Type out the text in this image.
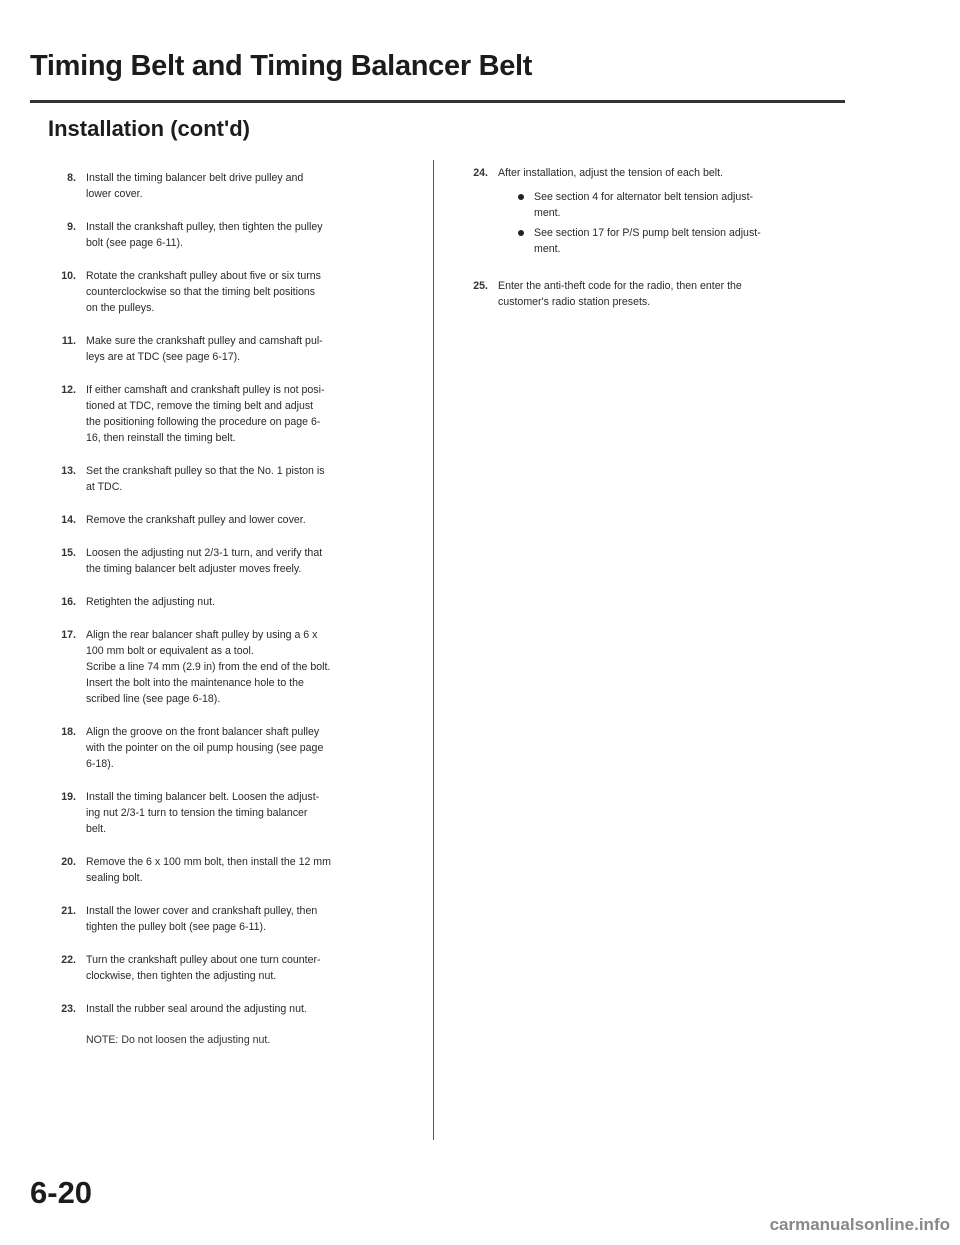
Timing Belt and Timing Balancer Belt
Installation (cont'd)
8. Install the timing balancer belt drive pulley and
lower cover.
9. Install the crankshaft pulley, then tighten the pulley
bolt (see page 6-11).
10. Rotate the crankshaft pulley about five or six turns
counterclockwise so that the timing belt positions
on the pulleys.
11. Make sure the crankshaft pulley and camshaft pul-
leys are at TDC (see page 6-17).
12. If either camshaft and crankshaft pulley is not posi-
tioned at TDC, remove the timing belt and adjust
the positioning following the procedure on page 6-
16, then reinstall the timing belt.
13. Set the crankshaft pulley so that the No. 1 piston is
at TDC.
14. Remove the crankshaft pulley and lower cover.
15. Loosen the adjusting nut 2/3-1 turn, and verify that
the timing balancer belt adjuster moves freely.
16. Retighten the adjusting nut.
17. Align the rear balancer shaft pulley by using a 6 x
100 mm bolt or equivalent as a tool.
Scribe a line 74 mm (2.9 in) from the end of the bolt.
Insert the bolt into the maintenance hole to the
scribed line (see page 6-18).
18. Align the groove on the front balancer shaft pulley
with the pointer on the oil pump housing (see page
6-18).
19. Install the timing balancer belt. Loosen the adjust-
ing nut 2/3-1 turn to tension the timing balancer
belt.
20. Remove the 6 x 100 mm bolt, then install the 12 mm
sealing bolt.
21. Install the lower cover and crankshaft pulley, then
tighten the pulley bolt (see page 6-11).
22. Turn the crankshaft pulley about one turn counter-
clockwise, then tighten the adjusting nut.
23. Install the rubber seal around the adjusting nut.
NOTE: Do not loosen the adjusting nut.
24. After installation, adjust the tension of each belt.
See section 4 for alternator belt tension adjust-
ment.
See section 17 for P/S pump belt tension adjust-
ment.
25. Enter the anti-theft code for the radio, then enter the
customer's radio station presets.
6-20
carmanualsonline.info
